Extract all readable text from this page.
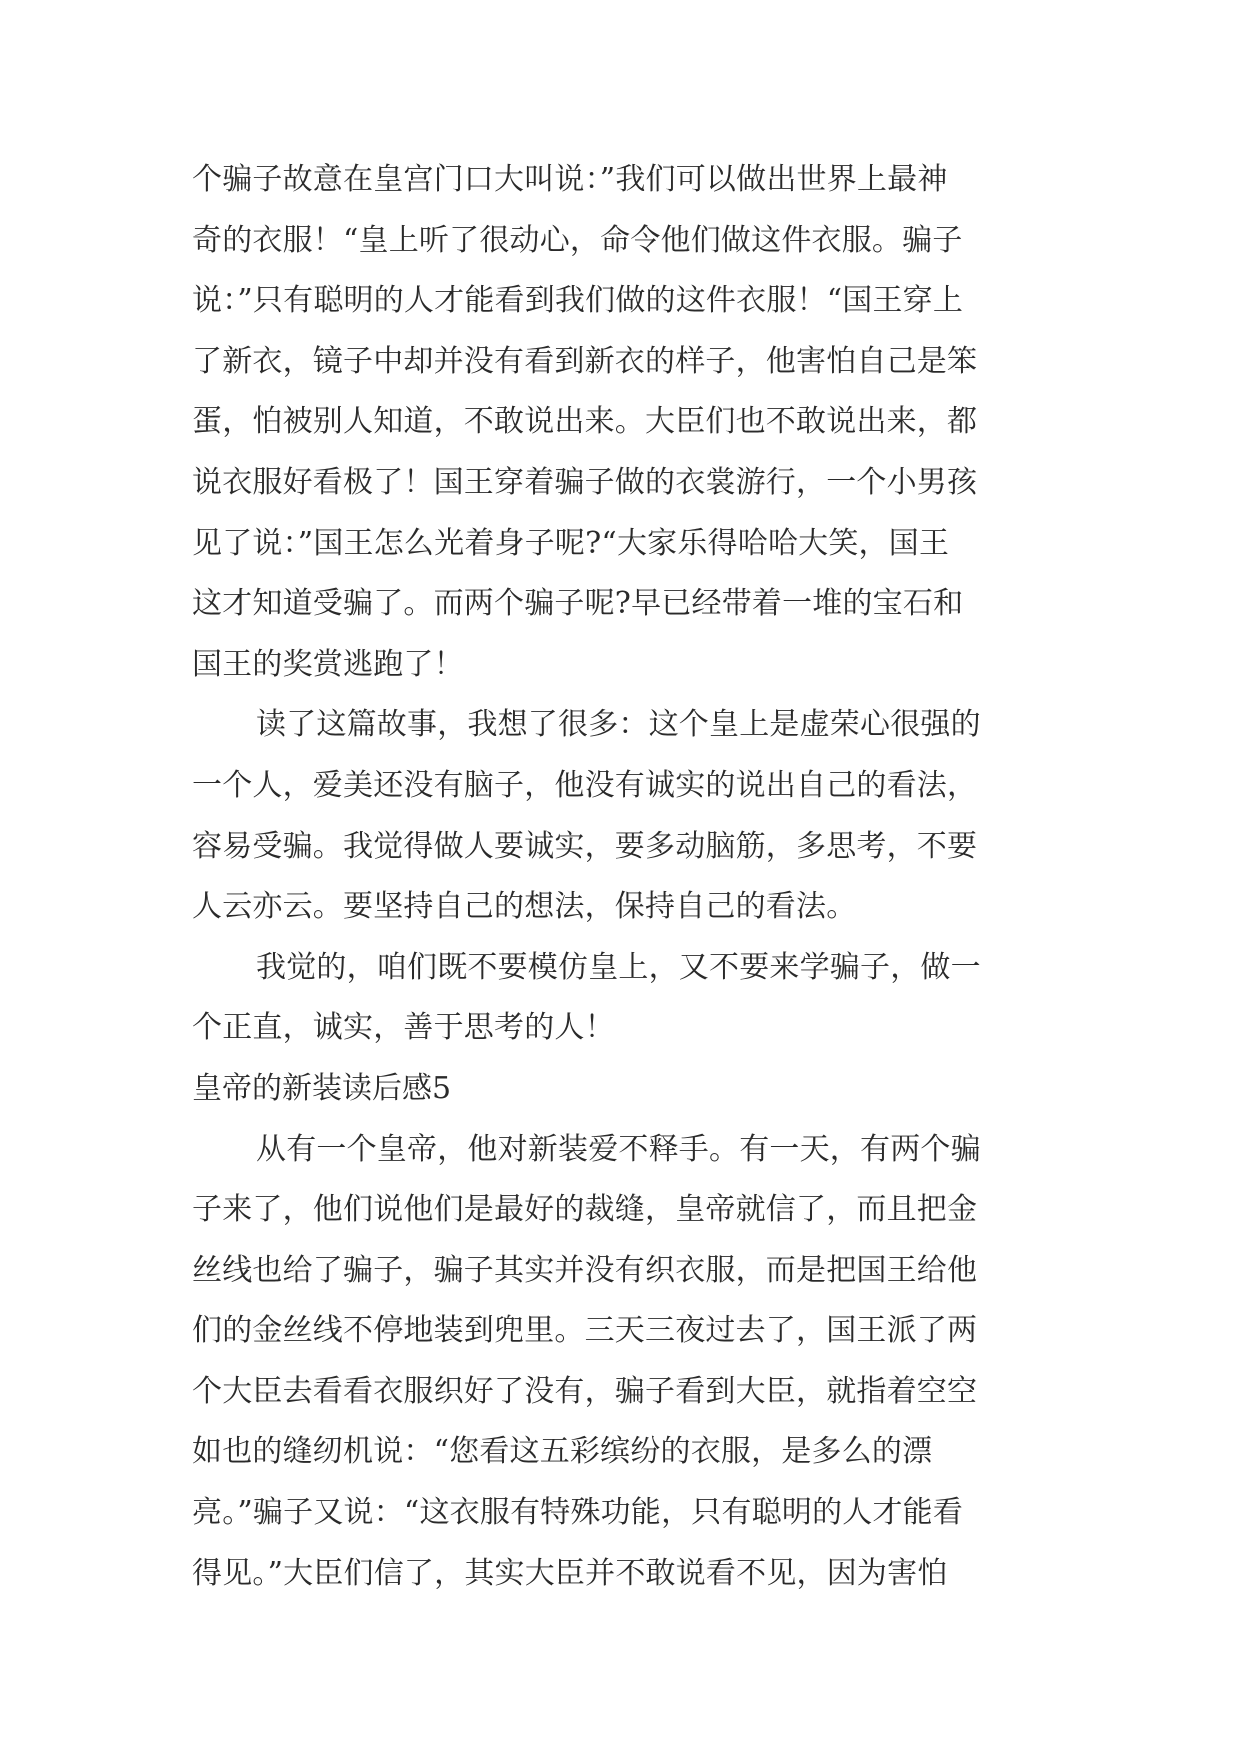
个骗子故意在皇宫门口大叫说：”我们可以做出世界上最神
奇的衣服！“皇上听了很动心，命令他们做这件衣服。骗子
说：”只有聪明的人才能看到我们做的这件衣服！“国王穿上
了新衣，镜子中却并没有看到新衣的样子，他害怕自己是笨
蛋，怕被别人知道，不敢说出来。大臣们也不敢说出来，都
说衣服好看极了！国王穿着骗子做的衣裳游行，一个小男孩
见了说：”国王怎么光着身子呢?“大家乐得哈哈大笑，国王
这才知道受骗了。而两个骗子呢?早已经带着一堆的宝石和
国王的奖赏逃跑了！
读了这篇故事，我想了很多：这个皇上是虚荣心很强的
一个人，爱美还没有脑子，他没有诚实的说出自己的看法，
容易受骗。我觉得做人要诚实，要多动脑筋，多思考，不要
人云亦云。要坚持自己的想法，保持自己的看法。
我觉的，咱们既不要模仿皇上，又不要来学骗子，做一
个正直，诚实，善于思考的人！
皇帝的新装读后感5
从有一个皇帝，他对新装爱不释手。有一天，有两个骗
子来了，他们说他们是最好的裁缝，皇帝就信了，而且把金
丝线也给了骗子，骗子其实并没有织衣服，而是把国王给他
们的金丝线不停地装到兜里。三天三夜过去了，国王派了两
个大臣去看看衣服织好了没有，骗子看到大臣，就指着空空
如也的缝纫机说：“您看这五彩缤纷的衣服，是多么的漂
亮。”骗子又说：“这衣服有特殊功能，只有聪明的人才能看
得见。”大臣们信了，其实大臣并不敢说看不见，因为害怕
